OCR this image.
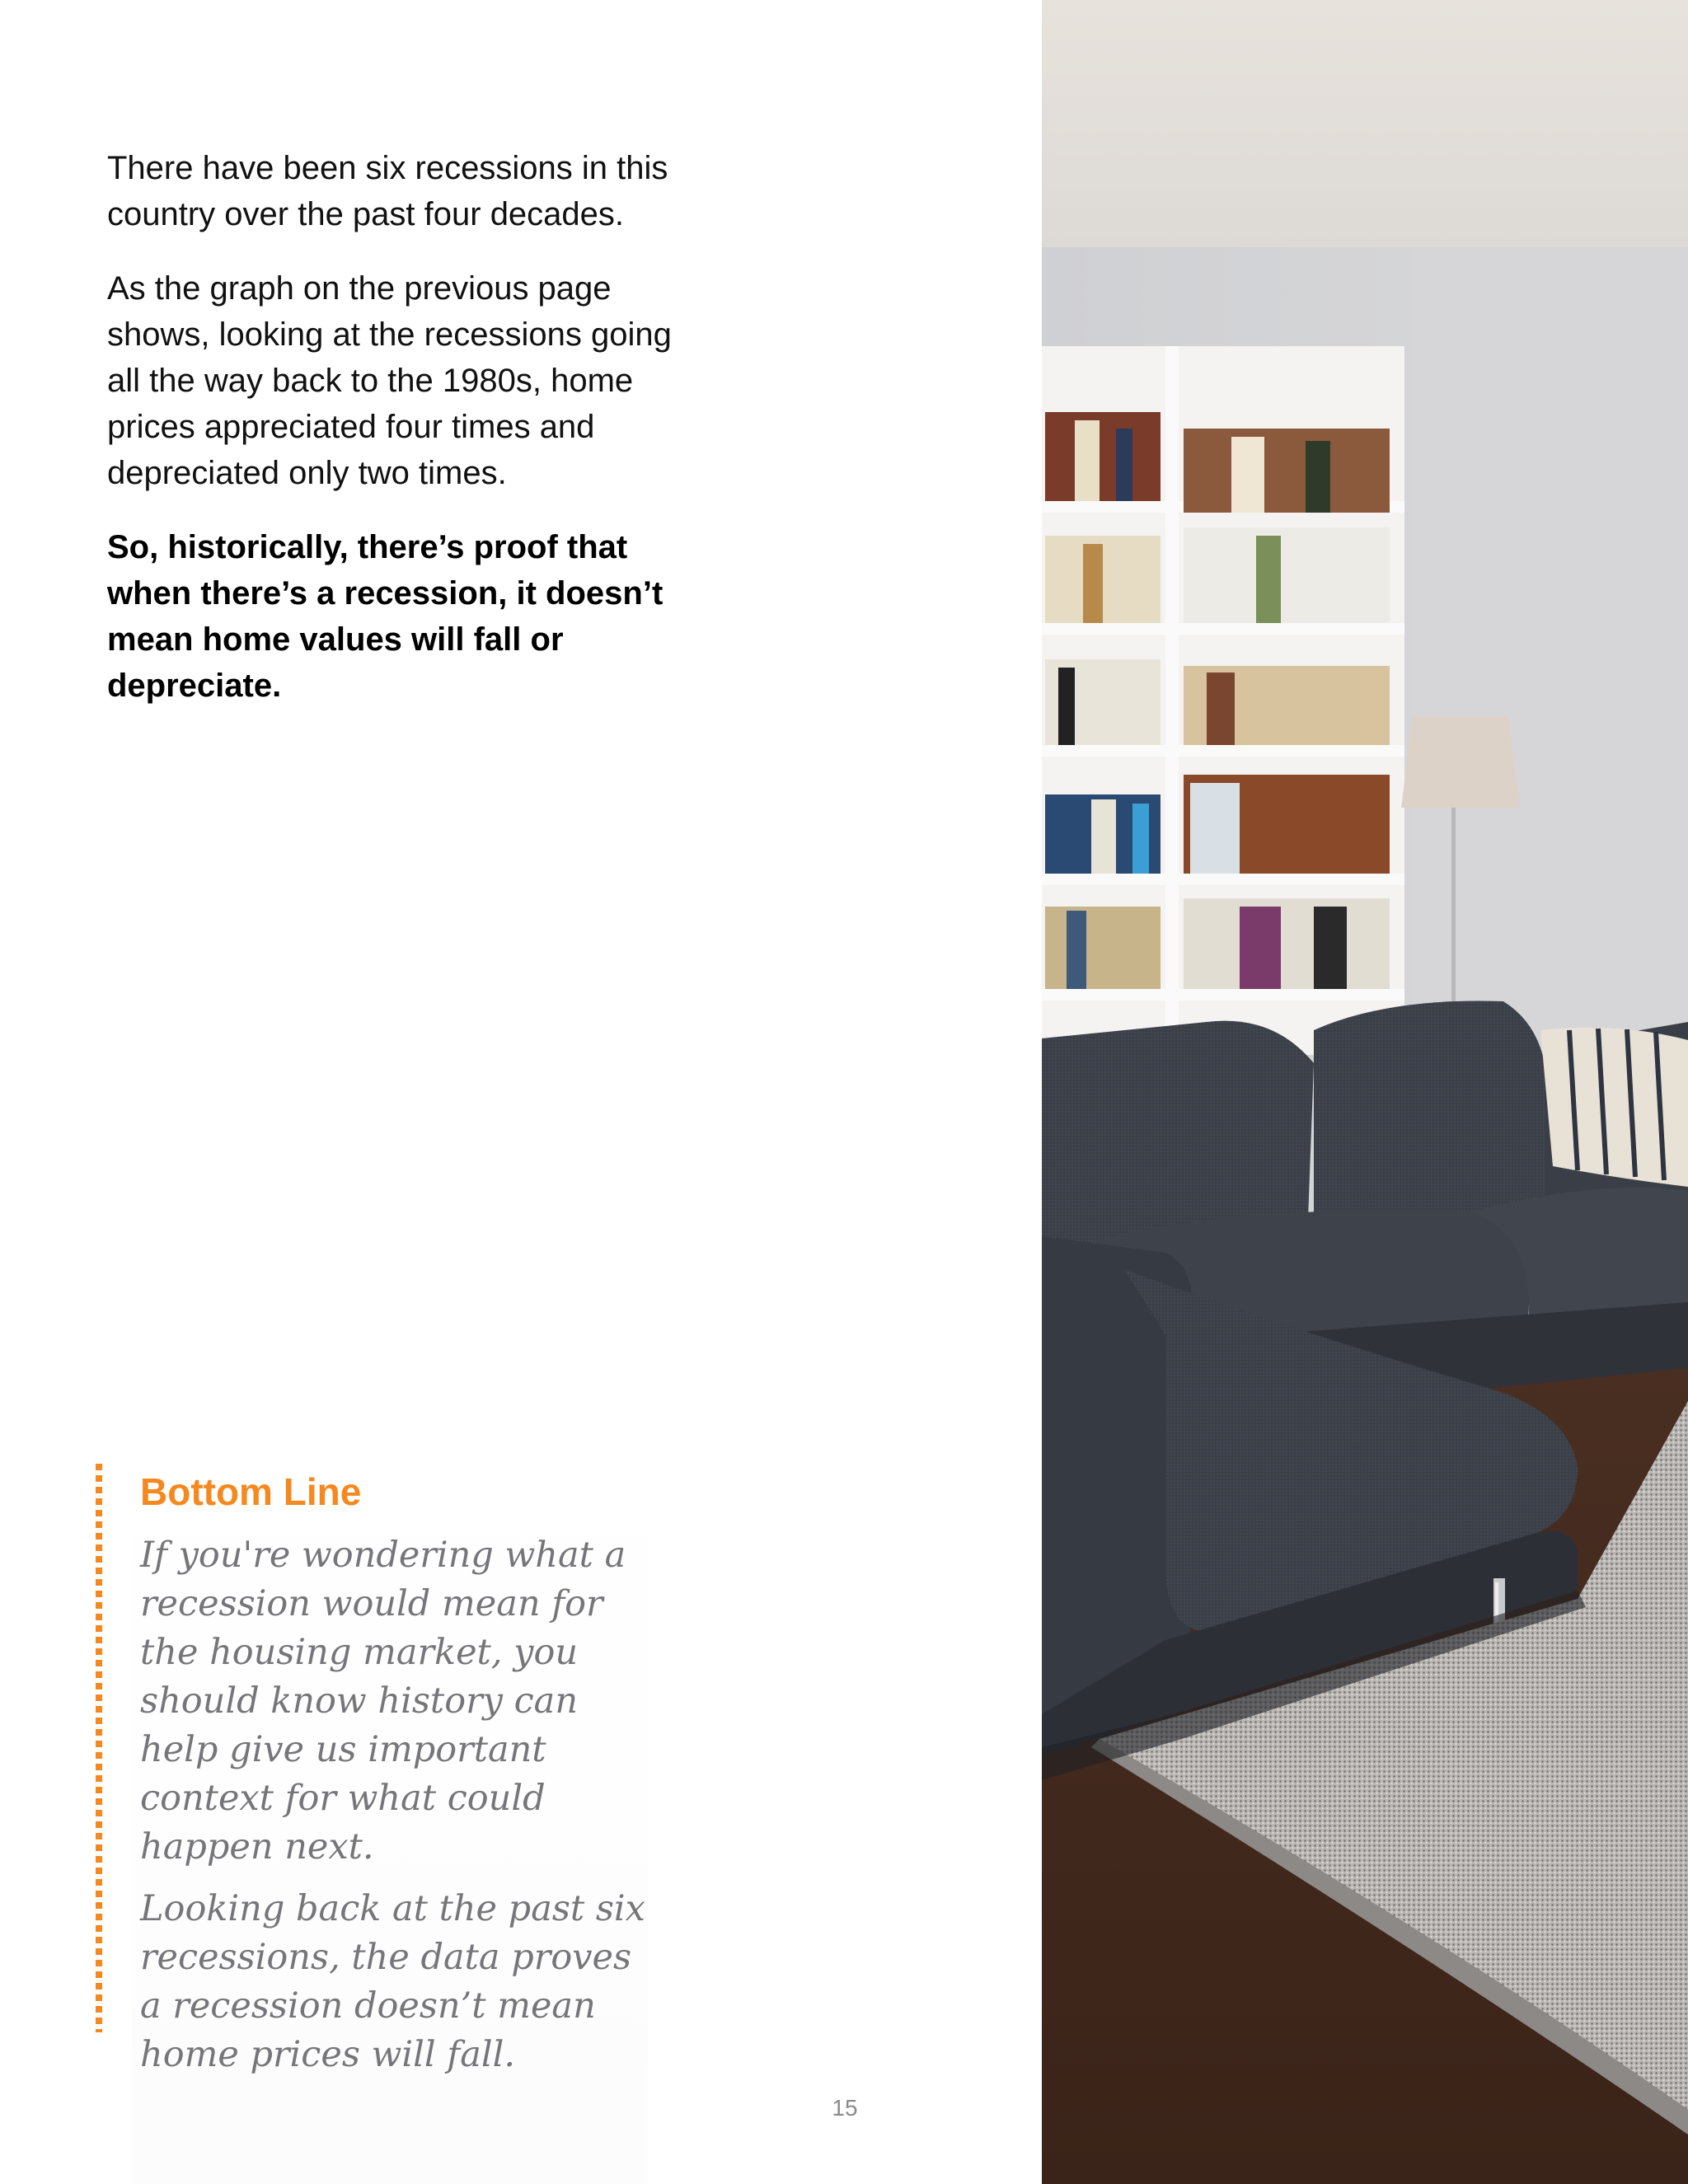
There have been six recessions in this country over the past four decades.

As the graph on the previous page shows, looking at the recessions going all the way back to the 1980s, home prices appreciated four times and depreciated only two times.

So, historically, there’s proof that when there’s a recession, it doesn’t mean home values will fall or depreciate.

Bottom Line

If you're wondering what a recession would mean for the housing market, you should know history can help give us important context for what could happen next.

Looking back at the past six recessions, the data proves a recession doesn’t mean home prices will fall.

15
